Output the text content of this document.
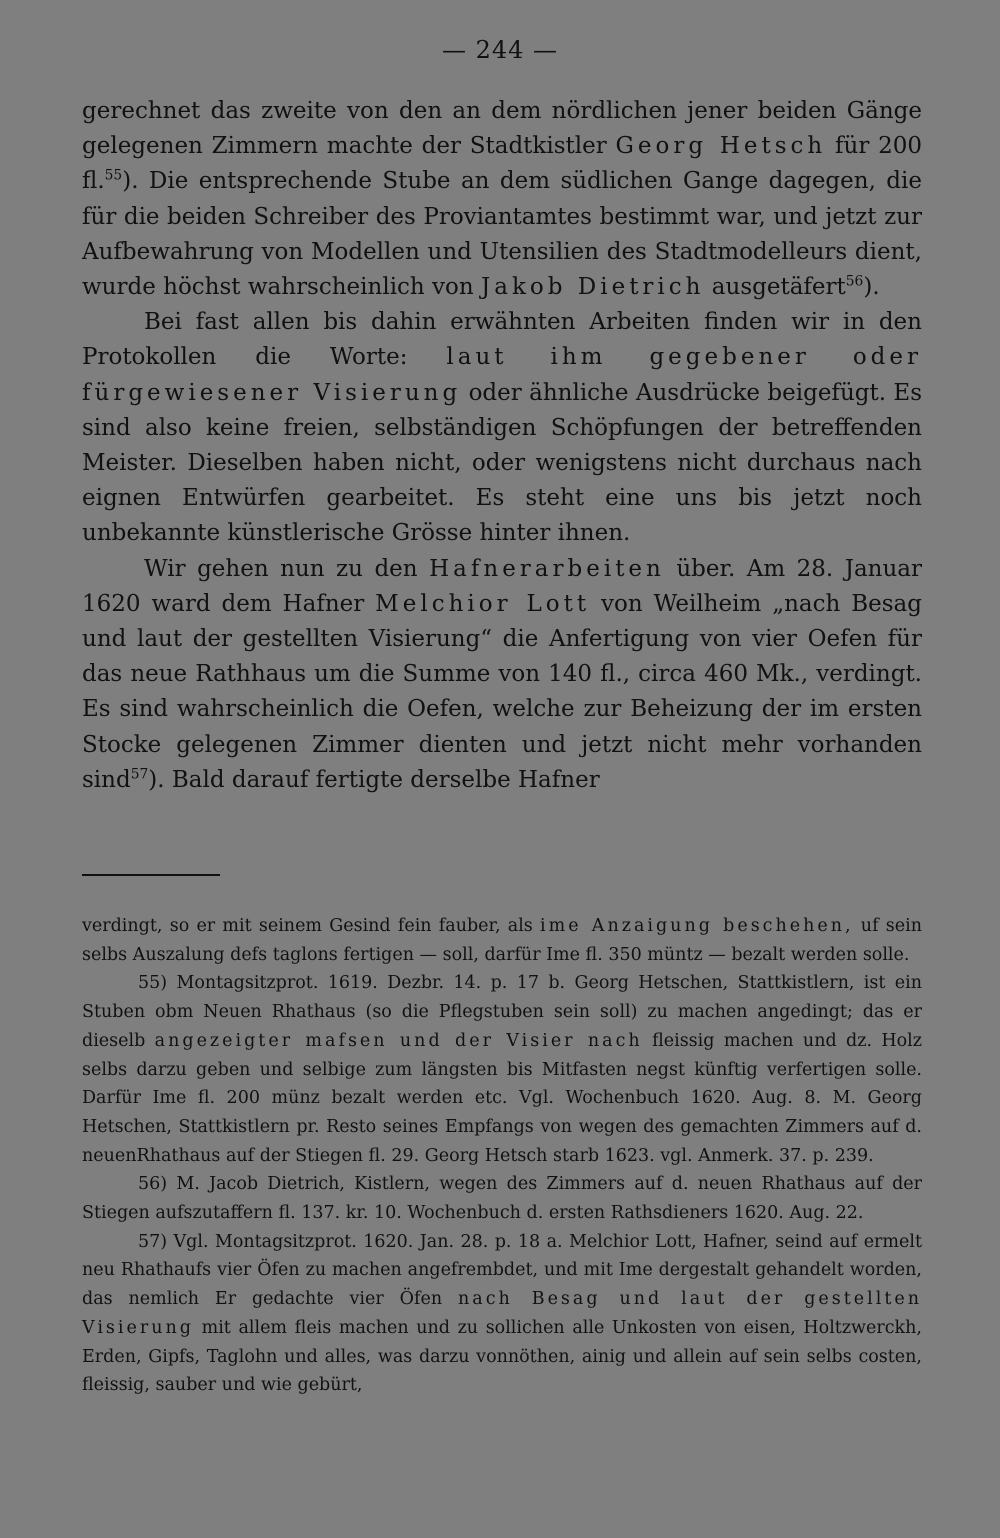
— 244 —

gerechnet das zweite von den an dem nördlichen jener beiden Gänge gelegenen Zimmern machte der Stadtkistler Georg Hetsch für 200 fl.$^{55}$). Die entsprechende Stube an dem südlichen Gange dagegen, die für die beiden Schreiber des Proviantamtes bestimmt war, und jetzt zur Aufbewahrung von Modellen und Utensilien des Stadtmodelleurs dient, wurde höchst wahrscheinlich von Jakob Dietrich ausgetäfert$^{56}$).

Bei fast allen bis dahin erwähnten Arbeiten finden wir in den Protokollen die Worte: laut ihm gegebener oder fürgewiesener Visierung oder ähnliche Ausdrücke beigefügt. Es sind also keine freien, selbständigen Schöpfungen der betreffenden Meister. Dieselben haben nicht, oder wenigstens nicht durchaus nach eignen Entwürfen gearbeitet. Es steht eine uns bis jetzt noch unbekannte künstlerische Grösse hinter ihnen.

Wir gehen nun zu den Hafnerarbeiten über. Am 28. Januar 1620 ward dem Hafner Melchior Lott von Weilheim „nach Besag und laut der gestellten Visierung“ die Anfertigung von vier Oefen für das neue Rathhaus um die Summe von 140 fl., circa 460 Mk., verdingt. Es sind wahrscheinlich die Oefen, welche zur Beheizung der im ersten Stocke gelegenen Zimmer dienten und jetzt nicht mehr vorhanden sind$^{57}$). Bald darauf fertigte derselbe Hafner

verdingt, so er mit seinem Gesind fein fauber, als ime Anzaigung beschehen, uf sein selbs Auszalung defs taglons fertigen — soll, darfür Ime fl. 350 müntz — bezalt werden solle.

55) Montagsitzprot. 1619. Dezbr. 14. p. 17 b. Georg Hetschen, Stattkistlern, ist ein Stuben obm Neuen Rhathaus (so die Pflegstuben sein soll) zu machen angedingt; das er dieselb angezeigter mafsen und der Visier nach fleissig machen und dz. Holz selbs darzu geben und selbige zum längsten bis Mitfasten negst künftig verfertigen solle. Darfür Ime fl. 200 münz bezalt werden etc. Vgl. Wochenbuch 1620. Aug. 8. M. Georg Hetschen, Stattkistlern pr. Resto seines Empfangs von wegen des gemachten Zimmers auf d. neuenRhathaus auf der Stiegen fl. 29. Georg Hetsch starb 1623. vgl. Anmerk. 37. p. 239.

56) M. Jacob Dietrich, Kistlern, wegen des Zimmers auf d. neuen Rhathaus auf der Stiegen aufszutaffern fl. 137. kr. 10. Wochenbuch d. ersten Rathsdieners 1620. Aug. 22.

57) Vgl. Montagsitzprot. 1620. Jan. 28. p. 18 a. Melchior Lott, Hafner, seind auf ermelt neu Rhathaufs vier Öfen zu machen angefrembdet, und mit Ime dergestalt gehandelt worden, das nemlich Er gedachte vier Öfen nach Besag und laut der gestellten Visierung mit allem fleis machen und zu sollichen alle Unkosten von eisen, Holtzwerckh, Erden, Gipfs, Taglohn und alles, was darzu vonnöthen, ainig und allein auf sein selbs costen, fleissig, sauber und wie gebürt,
